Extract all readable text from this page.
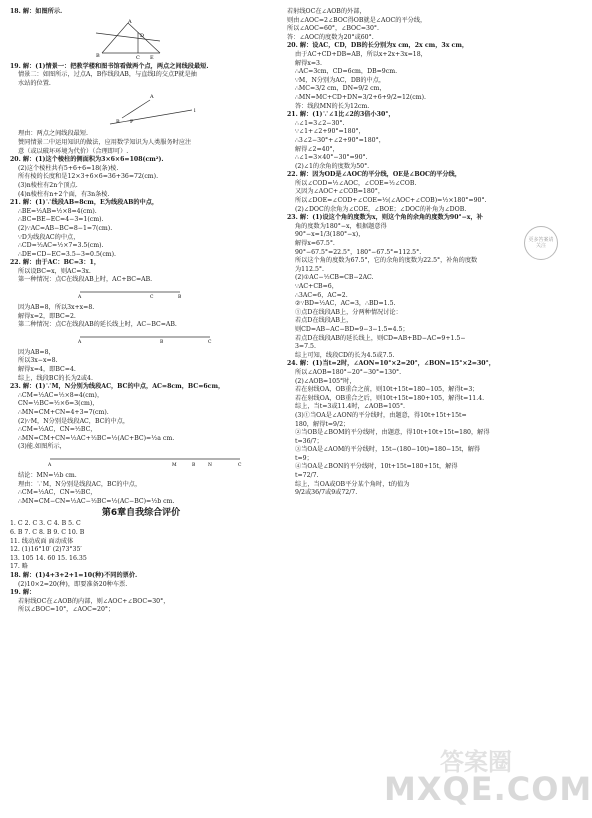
18. 解：如图所示.
A
B	C E
D
19. 解：(1)情景一：把教学楼和图书馆看做两个点，两点之间线段最短.
情景二：如图所示，过点A，B作线段AB，与直线l的交点P就是抽
水站的位置.
A
B P
l
理由：两点之间线段最短.
赞同情景二中运用知识的做法，应用数学知识为人类服务时应注
意（或以破坏环境为代价）（合理即可）.
20. 解：(1)这个棱柱的侧面积为3×6×6=108(cm²).
(2)这个棱柱共有5+6+6=18(条)棱.
所有棱的长度和是12×3+6×6=36+36=72(cm).
(3)n棱柱有2n个顶点.
(4)n棱柱有n+2个面，有3n条棱.
21. 解：(1)∵线段AB=8cm，E为线段AB的中点，
∴BE=½AB=½×8=4(cm).
∴BC=BE−EC=4−3=1(cm).
(2)∵AC=AB−BC=8−1=7(cm).
∵D为线段AC的中点，
∴CD=½AC=½×7=3.5(cm).
∴DE=CD−EC=3.5−3=0.5(cm).
22. 解：由于AC：BC=3：1，
所以设BC=x，则AC=3x.
第一种情况：点C在线段AB上时，AC+BC=AB.
A	C	B
因为AB=8，所以3x+x=8.
解得x=2，即BC=2.
第二种情况：点C在线段AB的延长线上时，AC−BC=AB.
A	B	C
因为AB=8，
所以3x−x=8.
解得x=4，即BC=4.
综上，线段BC的长为2或4.
23. 解：(1)∵M，N分别为线段AC，BC的中点，AC=8cm，BC=6cm，
∴CM=½AC=½×8=4(cm)，
CN=½BC=½×6=3(cm)，
∴MN=CM+CN=4+3=7(cm).
(2)∵M，N分别是线段AC，BC的中点，
∴CM=½AC，CN=½BC，
∴MN=CM+CN=½AC+½BC=½(AC+BC)=½a cm.
(3)能.如图所示，
A	M	B	N	C
结论：MN=½b cm.
理由：∵M，N分别是线段AC，BC的中点，
∴CM=½AC，CN=½BC，
∴MN=CM−CN=½AC−½BC=½(AC−BC)=½b cm.
第6章自我综合评价
1. C 2. C 3. C 4. B 5. C
6. B 7. C 8. B 9. C 10. B
11. 线动成面 面动成体
12. (1)16°10′ (2)73°35′
13. 105 14. 60 15. 16.35
17. 略
18. 解：(1)4+3+2+1=10(种)不同的票价.
(2)10×2=20(种)，即要准备20种车票.
19. 解：
若射线OC在∠AOB的内部，则∠AOC+∠BOC=30°，
所以∠BOC=10°，∠AOC=20°；
若射线OC在∠AOB的外部，
则由∠AOC=2∠BOC得OB就是∠AOC的平分线，
所以∠AOC=60°，∠BOC=30°.
答：∠AOC的度数为20°或60°.
20. 解：设AC，CD，DB的长分别为x cm，2x cm，3x cm，
由于AC+CD+DB=AB，所以x+2x+3x=18，
解得x=3.
∴AC=3cm，CD=6cm，DB=9cm.
∵M，N分别为AC，DB的中点，
∴MC=3/2 cm，DN=9/2 cm，
∴MN=MC+CD+DN=3/2+6+9/2=12(cm).
答：线段MN的长为12cm.
21. 解：(1)∵∠1比∠2的3倍小30°，
∴∠1=3∠2−30°.
∵∠1+∠2+90°=180°，
∴3∠2−30°+∠2+90°=180°，
解得∠2=40°，
∴∠1=3×40°−30°=90°.
(2)∠1的余角的度数为50°.
22. 解：因为OD是∠AOC的平分线，OE是∠BOC的平分线，
所以∠COD=½∠AOC，∠COE=½∠COB.
又因为∠AOC+∠COB=180°，
所以∠DOE=∠COD+∠COE=½(∠AOC+∠COB)=½×180°=90°.
(2)∠DOC的余角为∠COE，∠BOE；∠DOC的补角为∠DOB.
23. 解：(1)设这个角的度数为x，则这个角的余角的度数为90°−x，补
角的度数为180°−x，根据题意得
90°−x=1/3(180°−x)，
解得x=67.5°.
90°−67.5°=22.5°，180°−67.5°=112.5°.
所以这个角的度数为67.5°，它的余角的度数为22.5°，补角的度数
为112.5°.
(2)①AC−½CB=CB−2AC.
∵AC+CB=6，
∴3AC=6，AC=2.
②∵BD=½AC，AC=3，∴BD=1.5.
①点D在线段AB上，分两种情况讨论：
若点D在线段AB上，
则CD=AB−AC−BD=9−3−1.5=4.5；
若点D在线段AB的延长线上，则CD=AB+BD−AC=9+1.5−
3=7.5.
综上可知，线段CD的长为4.5或7.5.
24. 解：(1)当t=2时，∠AON=10°×2=20°，∠BON=15°×2=30°，
所以∠AOB=180°−20°−30°=130°.
(2)∠AOB=105°时，
若在射线OA，OB重合之前，则10t+15t=180−105，解得t=3；
若在射线OA，OB重合之后，则10t+15t=180+105，解得t=11.4.
综上，当t=3或11.4时，∠AOB=105°.
(3)①当OA是∠AON的平分线时，由题意，得10t+15t+15t=
180，解得t=9/2；
②当OB是∠BOM的平分线时，由题意，得10t+10t+15t=180，解得
t=36/7；
③当OA是∠AOM的平分线时，15t−(180−10t)=180−15t，解得
t=9；
④当OA是∠BON的平分线时，10t+15t=180+15t，解得
t=72/7.
综上，当OA或OB平分某个角时，t的值为
9/2或36/7或9或72/7.
更多答案请关注
答案圈
MXQE.COM
